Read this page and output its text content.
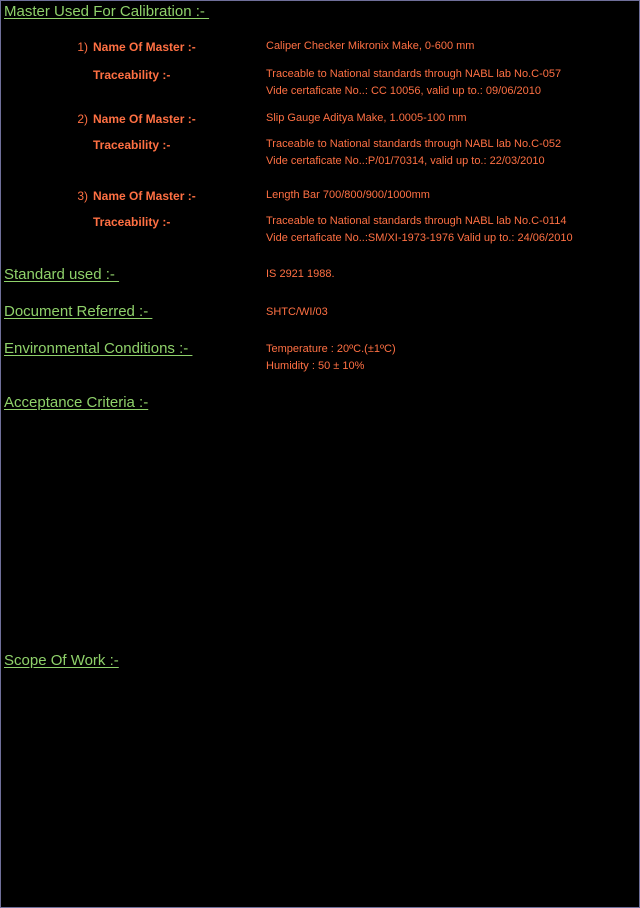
Master Used For Calibration :-
1) Name Of Master :-	Caliper Checker Mikronix Make, 0-600 mm
Traceability :-	Traceable to National standards through NABL lab No.C-057
Vide certaficate No..: CC 10056, valid up to.: 09/06/2010
2) Name Of Master :-	Slip Gauge Aditya Make, 1.0005-100 mm
Traceability :-	Traceable to National standards through NABL lab No.C-052
Vide certaficate No..:P/01/70314, valid up to.: 22/03/2010
3) Name Of Master :-	Length Bar 700/800/900/1000mm
Traceability :-	Traceable to National standards through NABL lab No.C-0114
Vide certaficate No..:SM/XI-1973-1976 Valid up to.: 24/06/2010
Standard used :-	IS 2921 1988.
Document Referred :-	SHTC/WI/03
Environmental Conditions :-	Temperature : 20ºC.(±1ºC)
Humidity : 50 ± 10%
Acceptance Criteria :-
Scope Of Work :-
